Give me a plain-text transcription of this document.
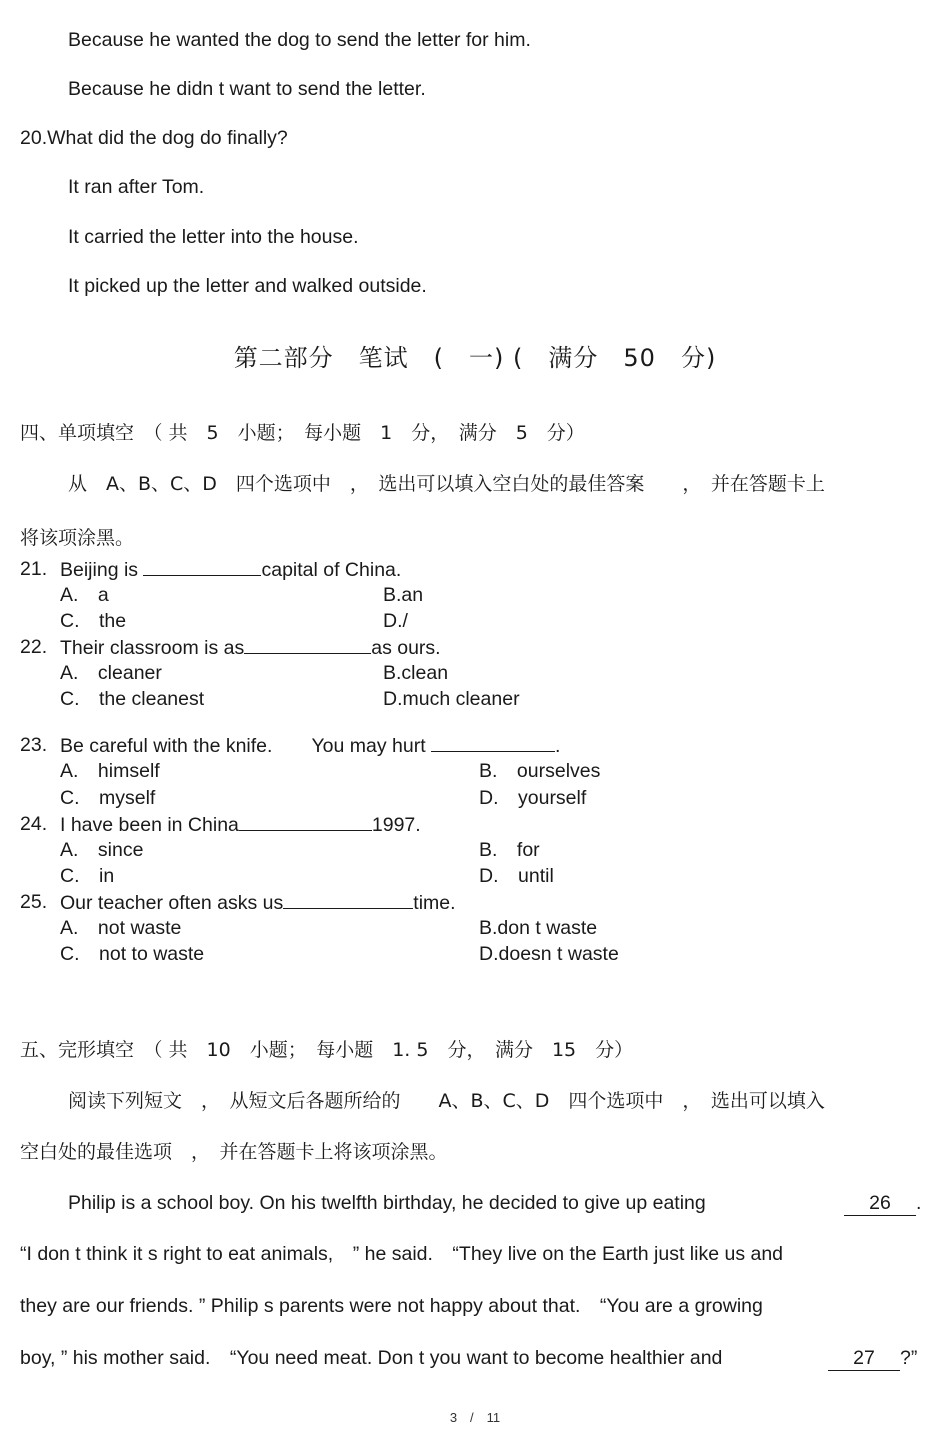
Because he wanted the dog to send the letter for him.
Because he didn t want to send the letter.
20.What did the dog do finally?
It ran after Tom.
It carried the letter into the house.
It picked up the letter and walked outside.
第二部分　笔试　(　一) (　满分　50　分)
四、单项填空　（ 共　5　小题；　每小题　1　分，　满分　5　分）
从　A、B、C、D　四个选项中　，　选出可以填入空白处的最佳答案　　，　并在答题卡上
将该项涂黑。
21. Beijing is	capital of China.
A.　a	B.an
C.　the	D./
22. Their classroom is as	as ours.
A.　cleaner	B.clean
C.　the cleanest	D.much cleaner
23. Be careful with the knife.　　You may hurt	.
A.　himself	B.　ourselves
C.　myself	D.　yourself
24. I have been in China	1997.
A.　since	B.　for
C.　in	D.　until
25. Our teacher often asks us	time.
A.　not waste	B.don t waste
C.　not to waste	D.doesn t waste
五、完形填空　（ 共　10　小题；　每小题　1. 5　分，　满分　15　分）
阅读下列短文　，　从短文后各题所给的　　A、B、C、D　四个选项中　，　选出可以填入
空白处的最佳选项　，　并在答题卡上将该项涂黑。
Philip is a school boy. On his twelfth birthday, he decided to give up eating	26 .
“I don t think it s right to eat animals,　” he said.　“They live on the Earth just like us and
they are our friends. ” Philip s parents were not happy about that.　“You are a growing
boy, ” his mother said.　“You need meat. Don t you want to become healthier and	27 ?”
3　/　11
